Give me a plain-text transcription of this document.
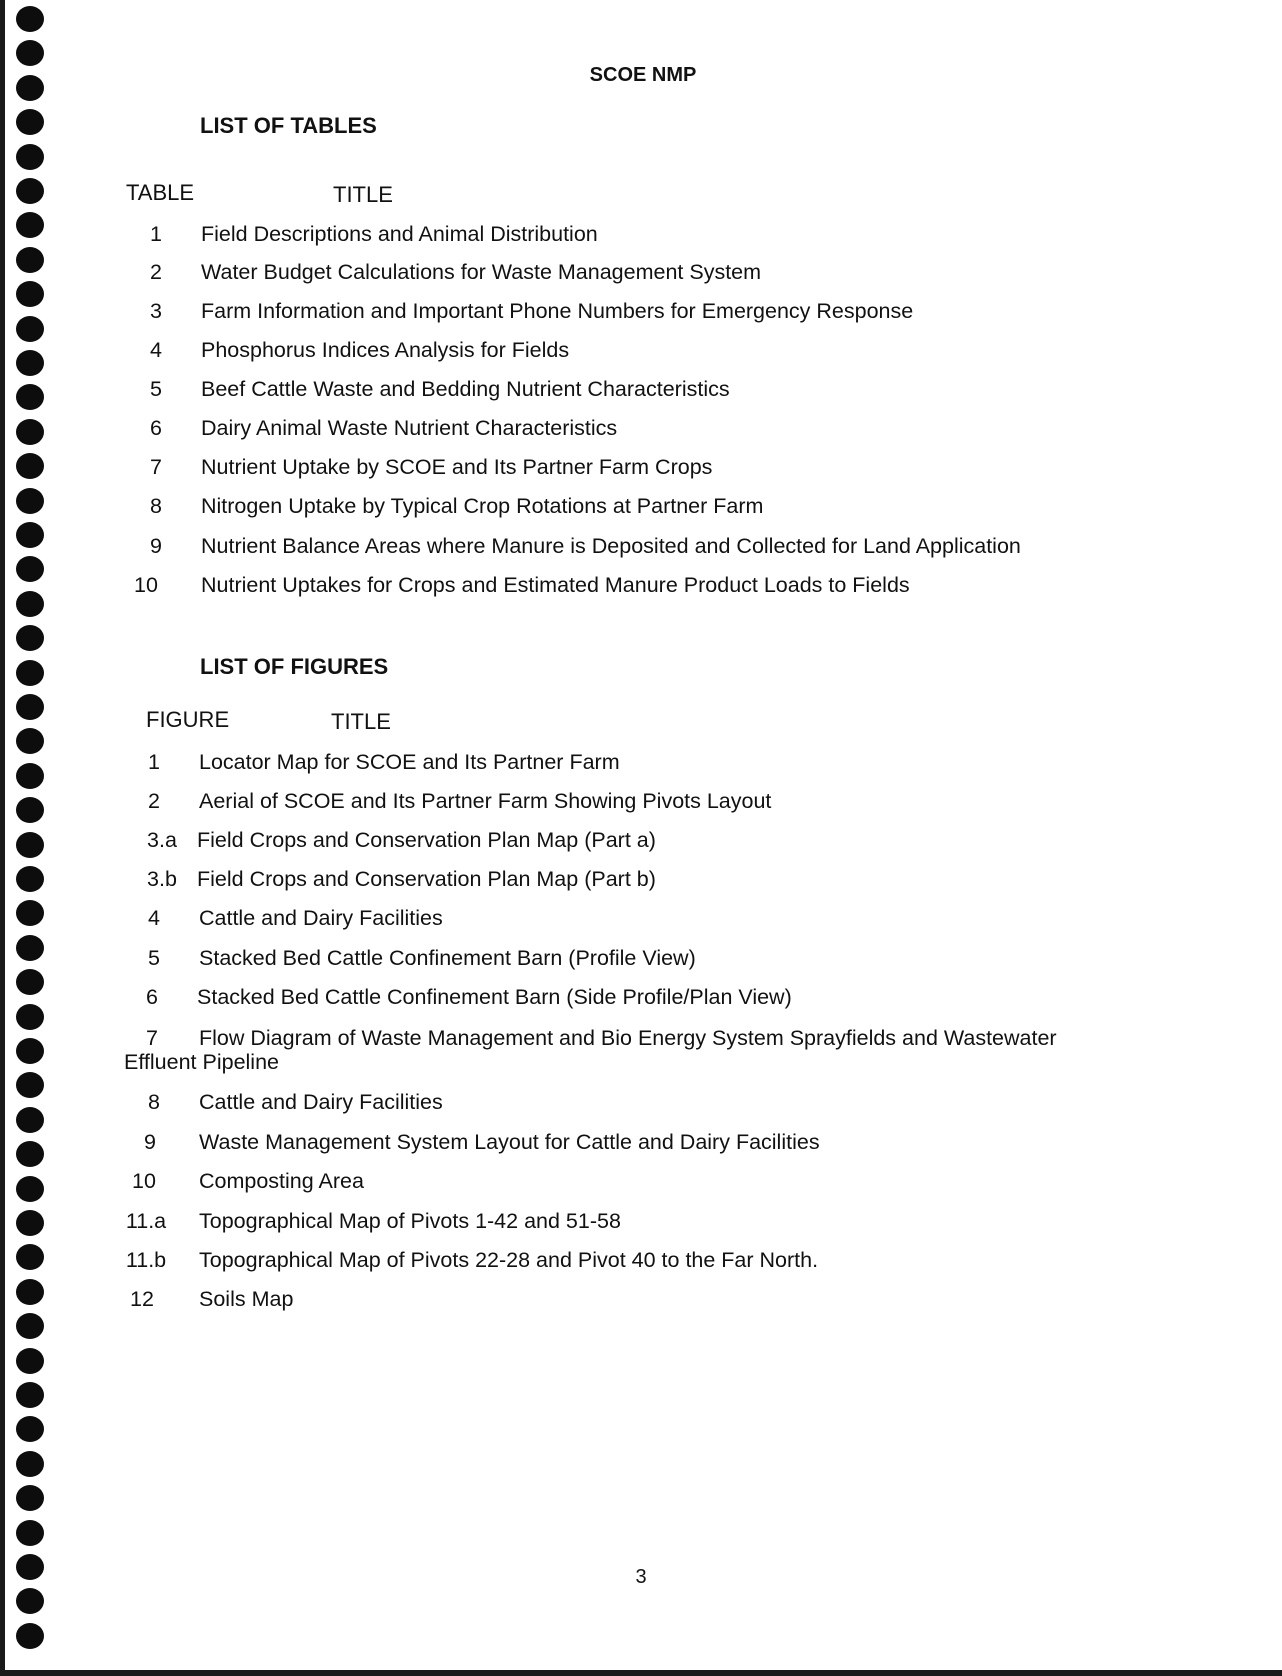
SCOE NMP
LIST OF TABLES
TABLE	TITLE
1	Field Descriptions and Animal Distribution
2	Water Budget Calculations for Waste Management System
3	Farm Information and Important Phone Numbers for Emergency Response
4	Phosphorus Indices Analysis for Fields
5	Beef Cattle Waste and Bedding Nutrient Characteristics
6	Dairy Animal Waste Nutrient Characteristics
7	Nutrient Uptake by SCOE and Its Partner Farm Crops
8	Nitrogen Uptake by Typical Crop Rotations at Partner Farm
9	Nutrient Balance Areas where Manure is Deposited and Collected for Land Application
10	Nutrient Uptakes for Crops and Estimated Manure Product Loads to Fields
LIST OF FIGURES
FIGURE	TITLE
1	Locator Map for SCOE and Its Partner Farm
2	Aerial of SCOE and Its Partner Farm Showing Pivots Layout
3.a Field Crops and Conservation Plan Map (Part a)
3.b Field Crops and Conservation Plan Map (Part b)
4	Cattle and Dairy Facilities
5	Stacked Bed Cattle Confinement Barn (Profile View)
6	Stacked Bed Cattle Confinement Barn (Side Profile/Plan View)
7	Flow Diagram of Waste Management and Bio Energy System Sprayfields and Wastewater
Effluent Pipeline
8	Cattle and Dairy Facilities
9	Waste Management System Layout for Cattle and Dairy Facilities
10	Composting Area
11.a	Topographical Map of Pivots 1-42 and 51-58
11.b	Topographical Map of Pivots 22-28 and Pivot 40 to the Far North.
12	Soils Map
3
